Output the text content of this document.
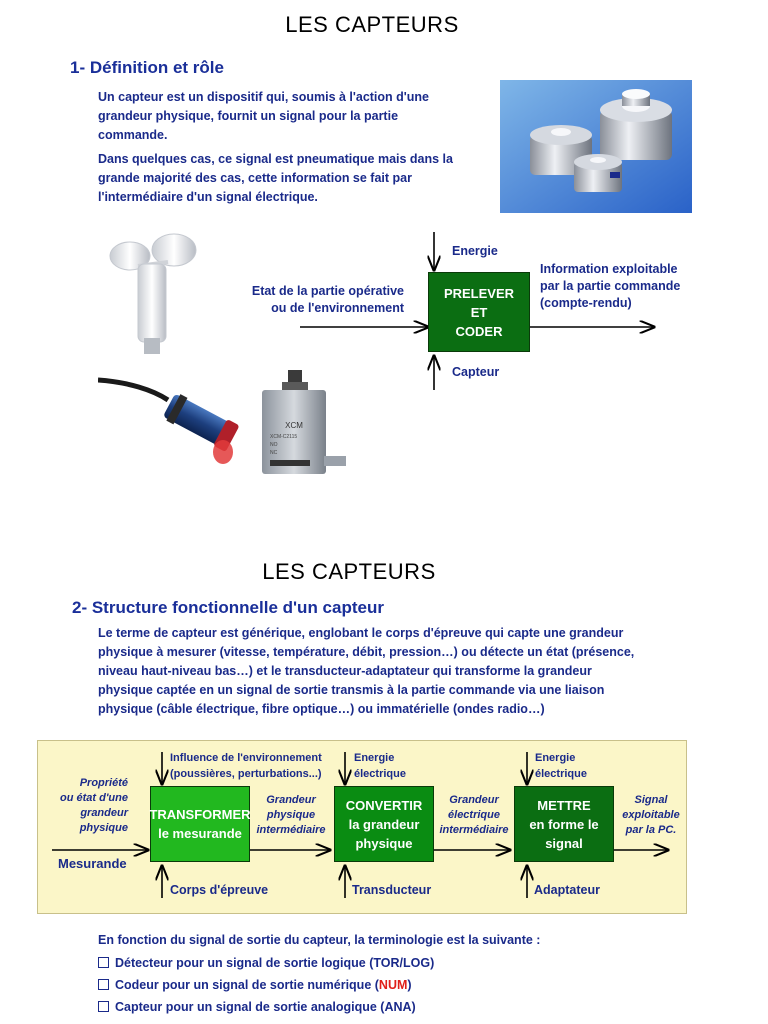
LES CAPTEURS
1- Définition et rôle
Un capteur est un dispositif qui, soumis à l'action d'une
grandeur physique, fournit un signal pour la partie
commande.
Dans quelques cas, ce signal est pneumatique mais dans la
grande majorité des cas, cette information se fait par
l'intermédiaire d'un signal électrique.
XCM
XCM-C2115
NO
NC
PRELEVER
ET
CODER
Energie
Capteur
Etat de la partie opérative
ou de l'environnement
Information exploitable
par la partie commande
(compte-rendu)
LES CAPTEURS
2- Structure fonctionnelle d'un capteur
Le terme de capteur est générique, englobant le corps d'épreuve qui capte une grandeur
physique à mesurer (vitesse, température, débit, pression…) ou détecte un état (présence,
niveau haut-niveau bas…) et le transducteur-adaptateur qui transforme la grandeur
physique captée en un signal de sortie transmis à la partie commande via une liaison
physique (câble électrique, fibre optique…) ou immatérielle (ondes radio…)
TRANSFORMER
le mesurande
CONVERTIR
la grandeur
physique
METTRE
en forme le
signal
Propriété
ou état d'une
grandeur
physique
Mesurande
Influence de l'environnement
(poussières, perturbations...)
Corps d'épreuve
Grandeur
physique
intermédiaire
Energie
électrique
Transducteur
Grandeur
électrique
intermédiaire
Energie
électrique
Adaptateur
Signal
exploitable
par la PC.
En fonction du signal de sortie du capteur, la terminologie est la suivante :
Détecteur pour un signal de sortie logique (TOR/LOG)
Codeur pour un signal de sortie numérique (NUM)
Capteur pour un signal de sortie analogique (ANA)
